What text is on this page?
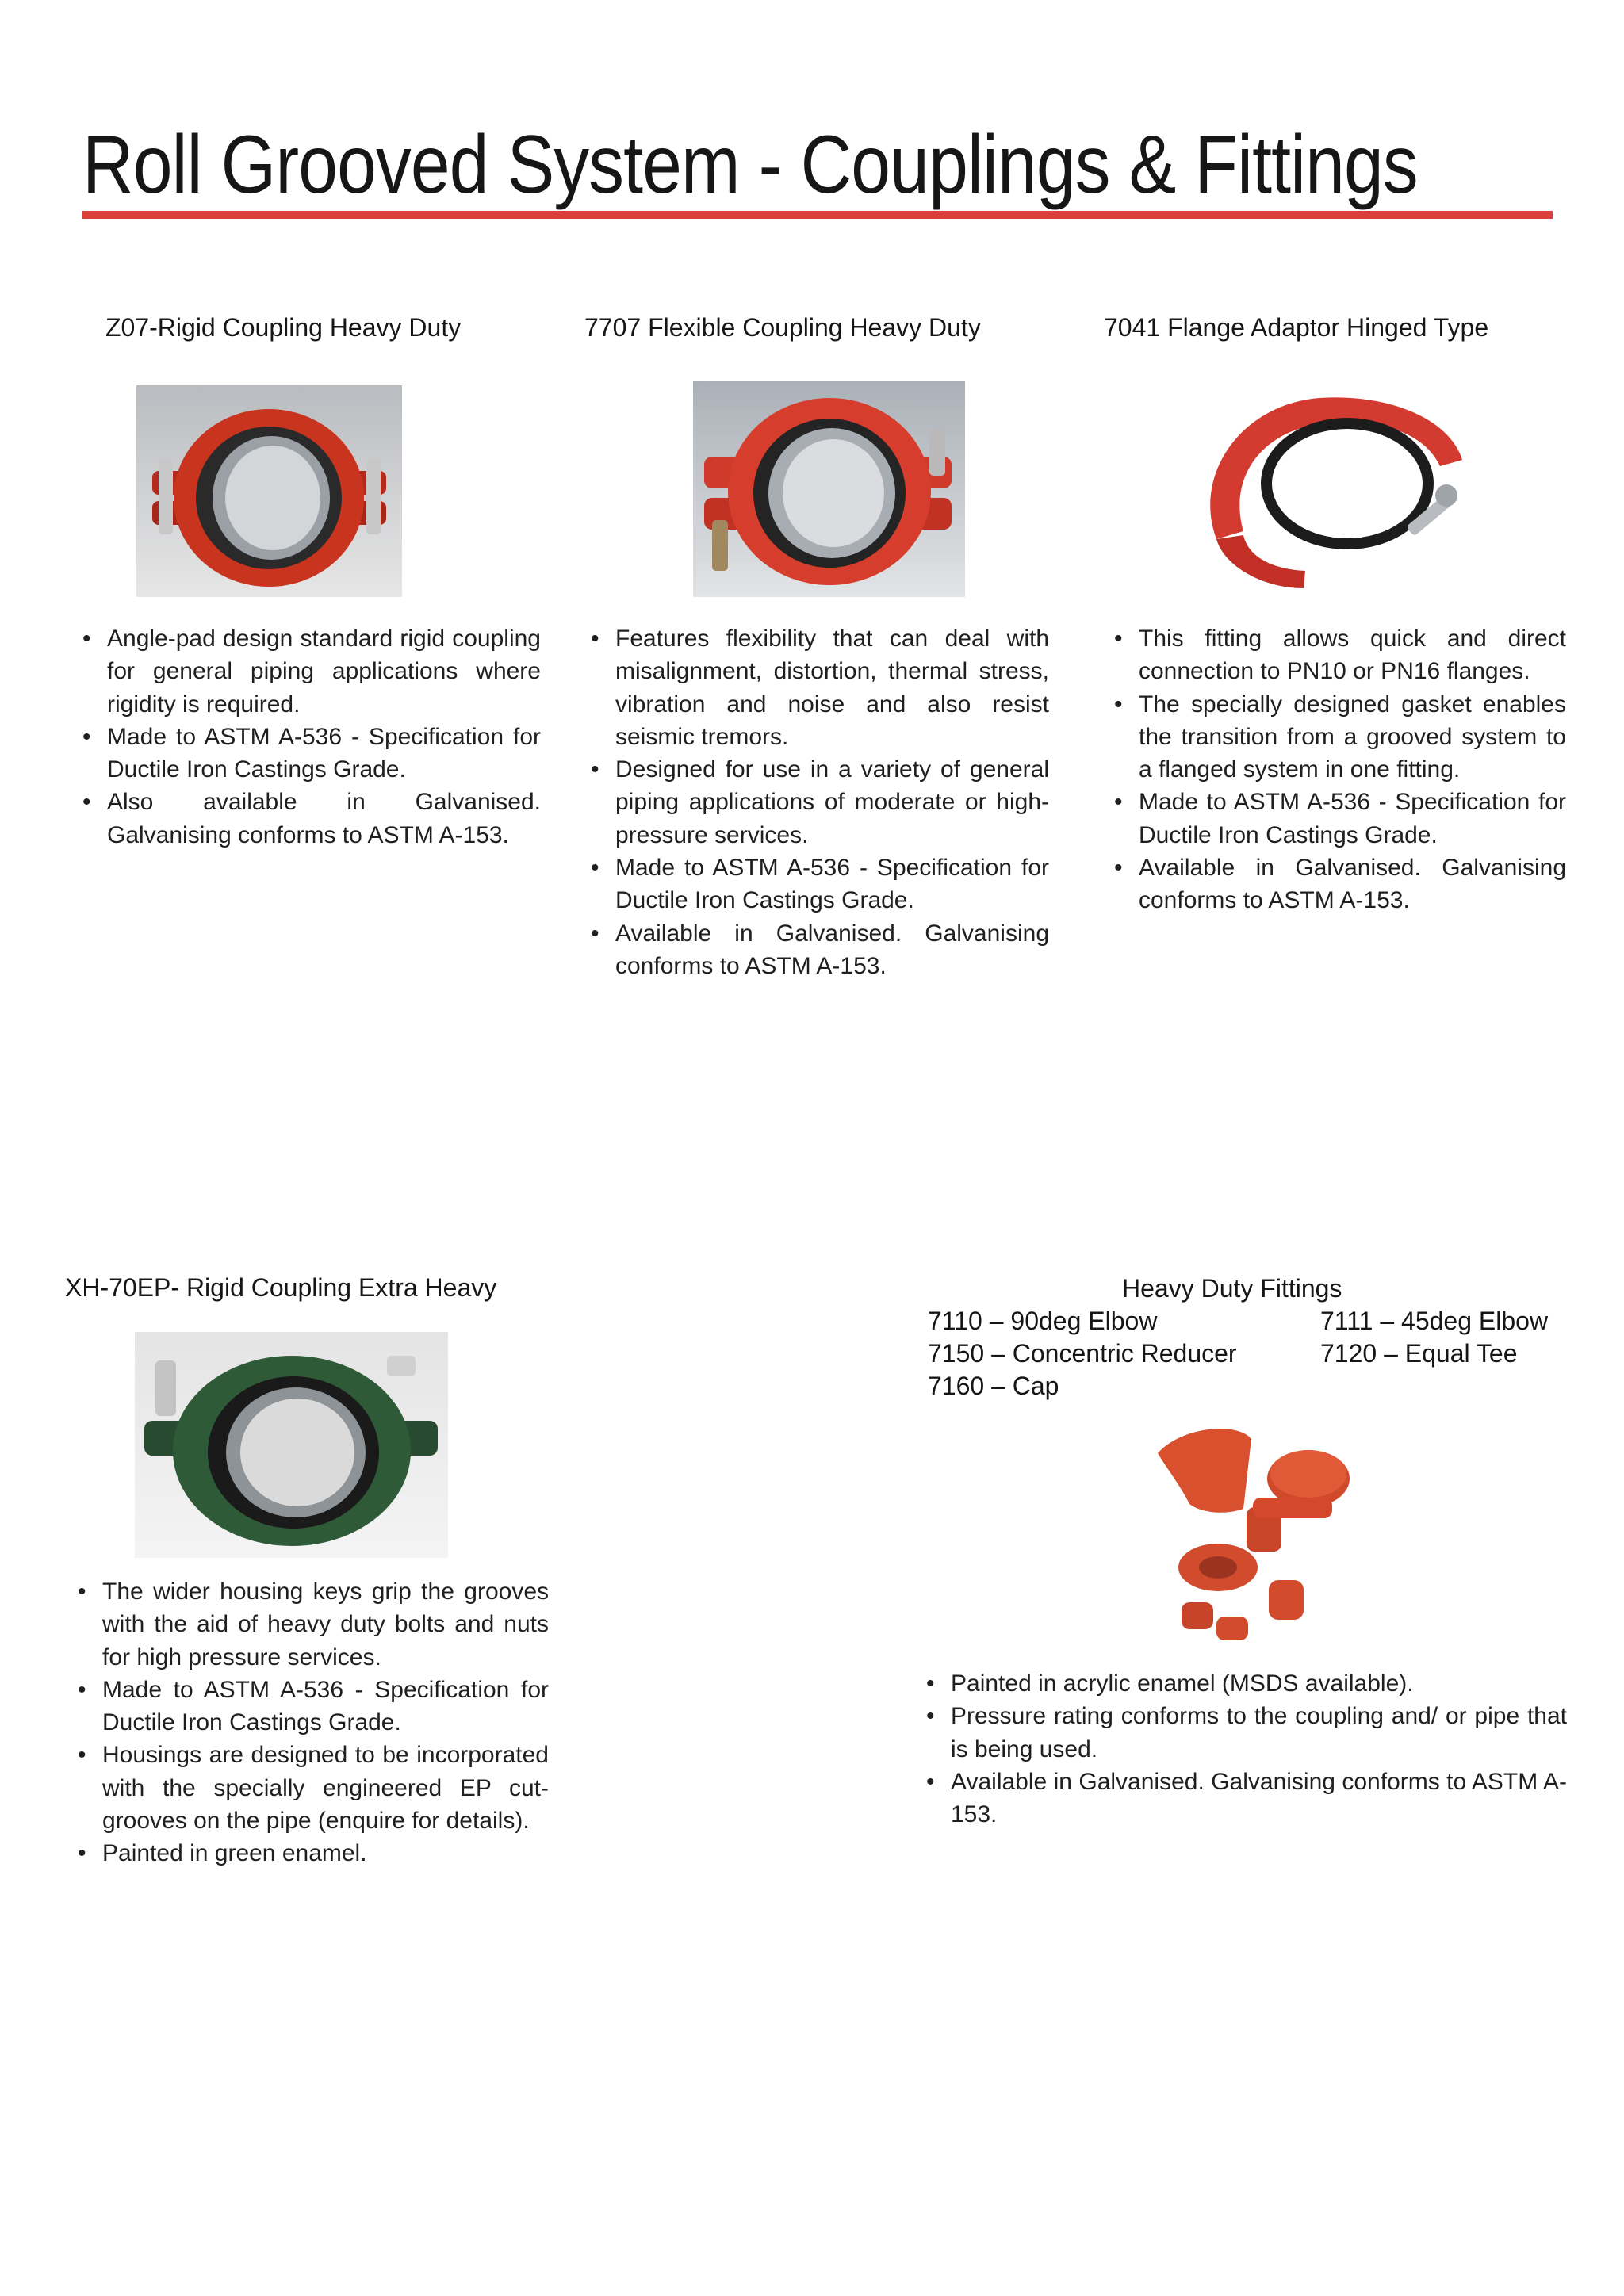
Roll Grooved System - Couplings & Fittings
Z07-Rigid Coupling Heavy Duty
• Angle-pad design standard rigid coupling for general piping applications where rigidity is required.
• Made to ASTM A-536 - Specification for Ductile Iron Castings Grade.
• Also available in Galvanised. Galvanising conforms to ASTM A-153.
7707 Flexible Coupling Heavy Duty
• Features flexibility that can deal with misalignment, distortion, thermal stress, vibration and noise and also resist seismic tremors.
• Designed for use in a variety of general piping applications of moderate or high-pressure services.
• Made to ASTM A-536 - Specification for Ductile Iron Castings Grade.
• Available in Galvanised. Galvanising conforms to ASTM A-153.
7041 Flange Adaptor Hinged Type
• This fitting allows quick and direct connection to PN10 or PN16 flanges.
• The specially designed gasket enables the transition from a grooved system to a flanged system in one fitting.
• Made to ASTM A-536 - Specification for Ductile Iron Castings Grade.
• Available in Galvanised. Galvanising conforms to ASTM A-153.
XH-70EP- Rigid Coupling Extra Heavy
• The wider housing keys grip the grooves with the aid of heavy duty bolts and nuts for high pressure services.
• Made to ASTM A-536 - Specification for Ductile Iron Castings Grade.
• Housings are designed to be incorporated with the specially engineered EP cut-grooves on the pipe (enquire for details).
• Painted in green enamel.
Heavy Duty Fittings
7110 – 90deg Elbow	7111 – 45deg Elbow
7150 – Concentric Reducer	7120 – Equal Tee
7160 – Cap
• Painted in acrylic enamel (MSDS available).
• Pressure rating conforms to the coupling and/ or pipe that is being used.
• Available in Galvanised. Galvanising conforms to ASTM A-153.
